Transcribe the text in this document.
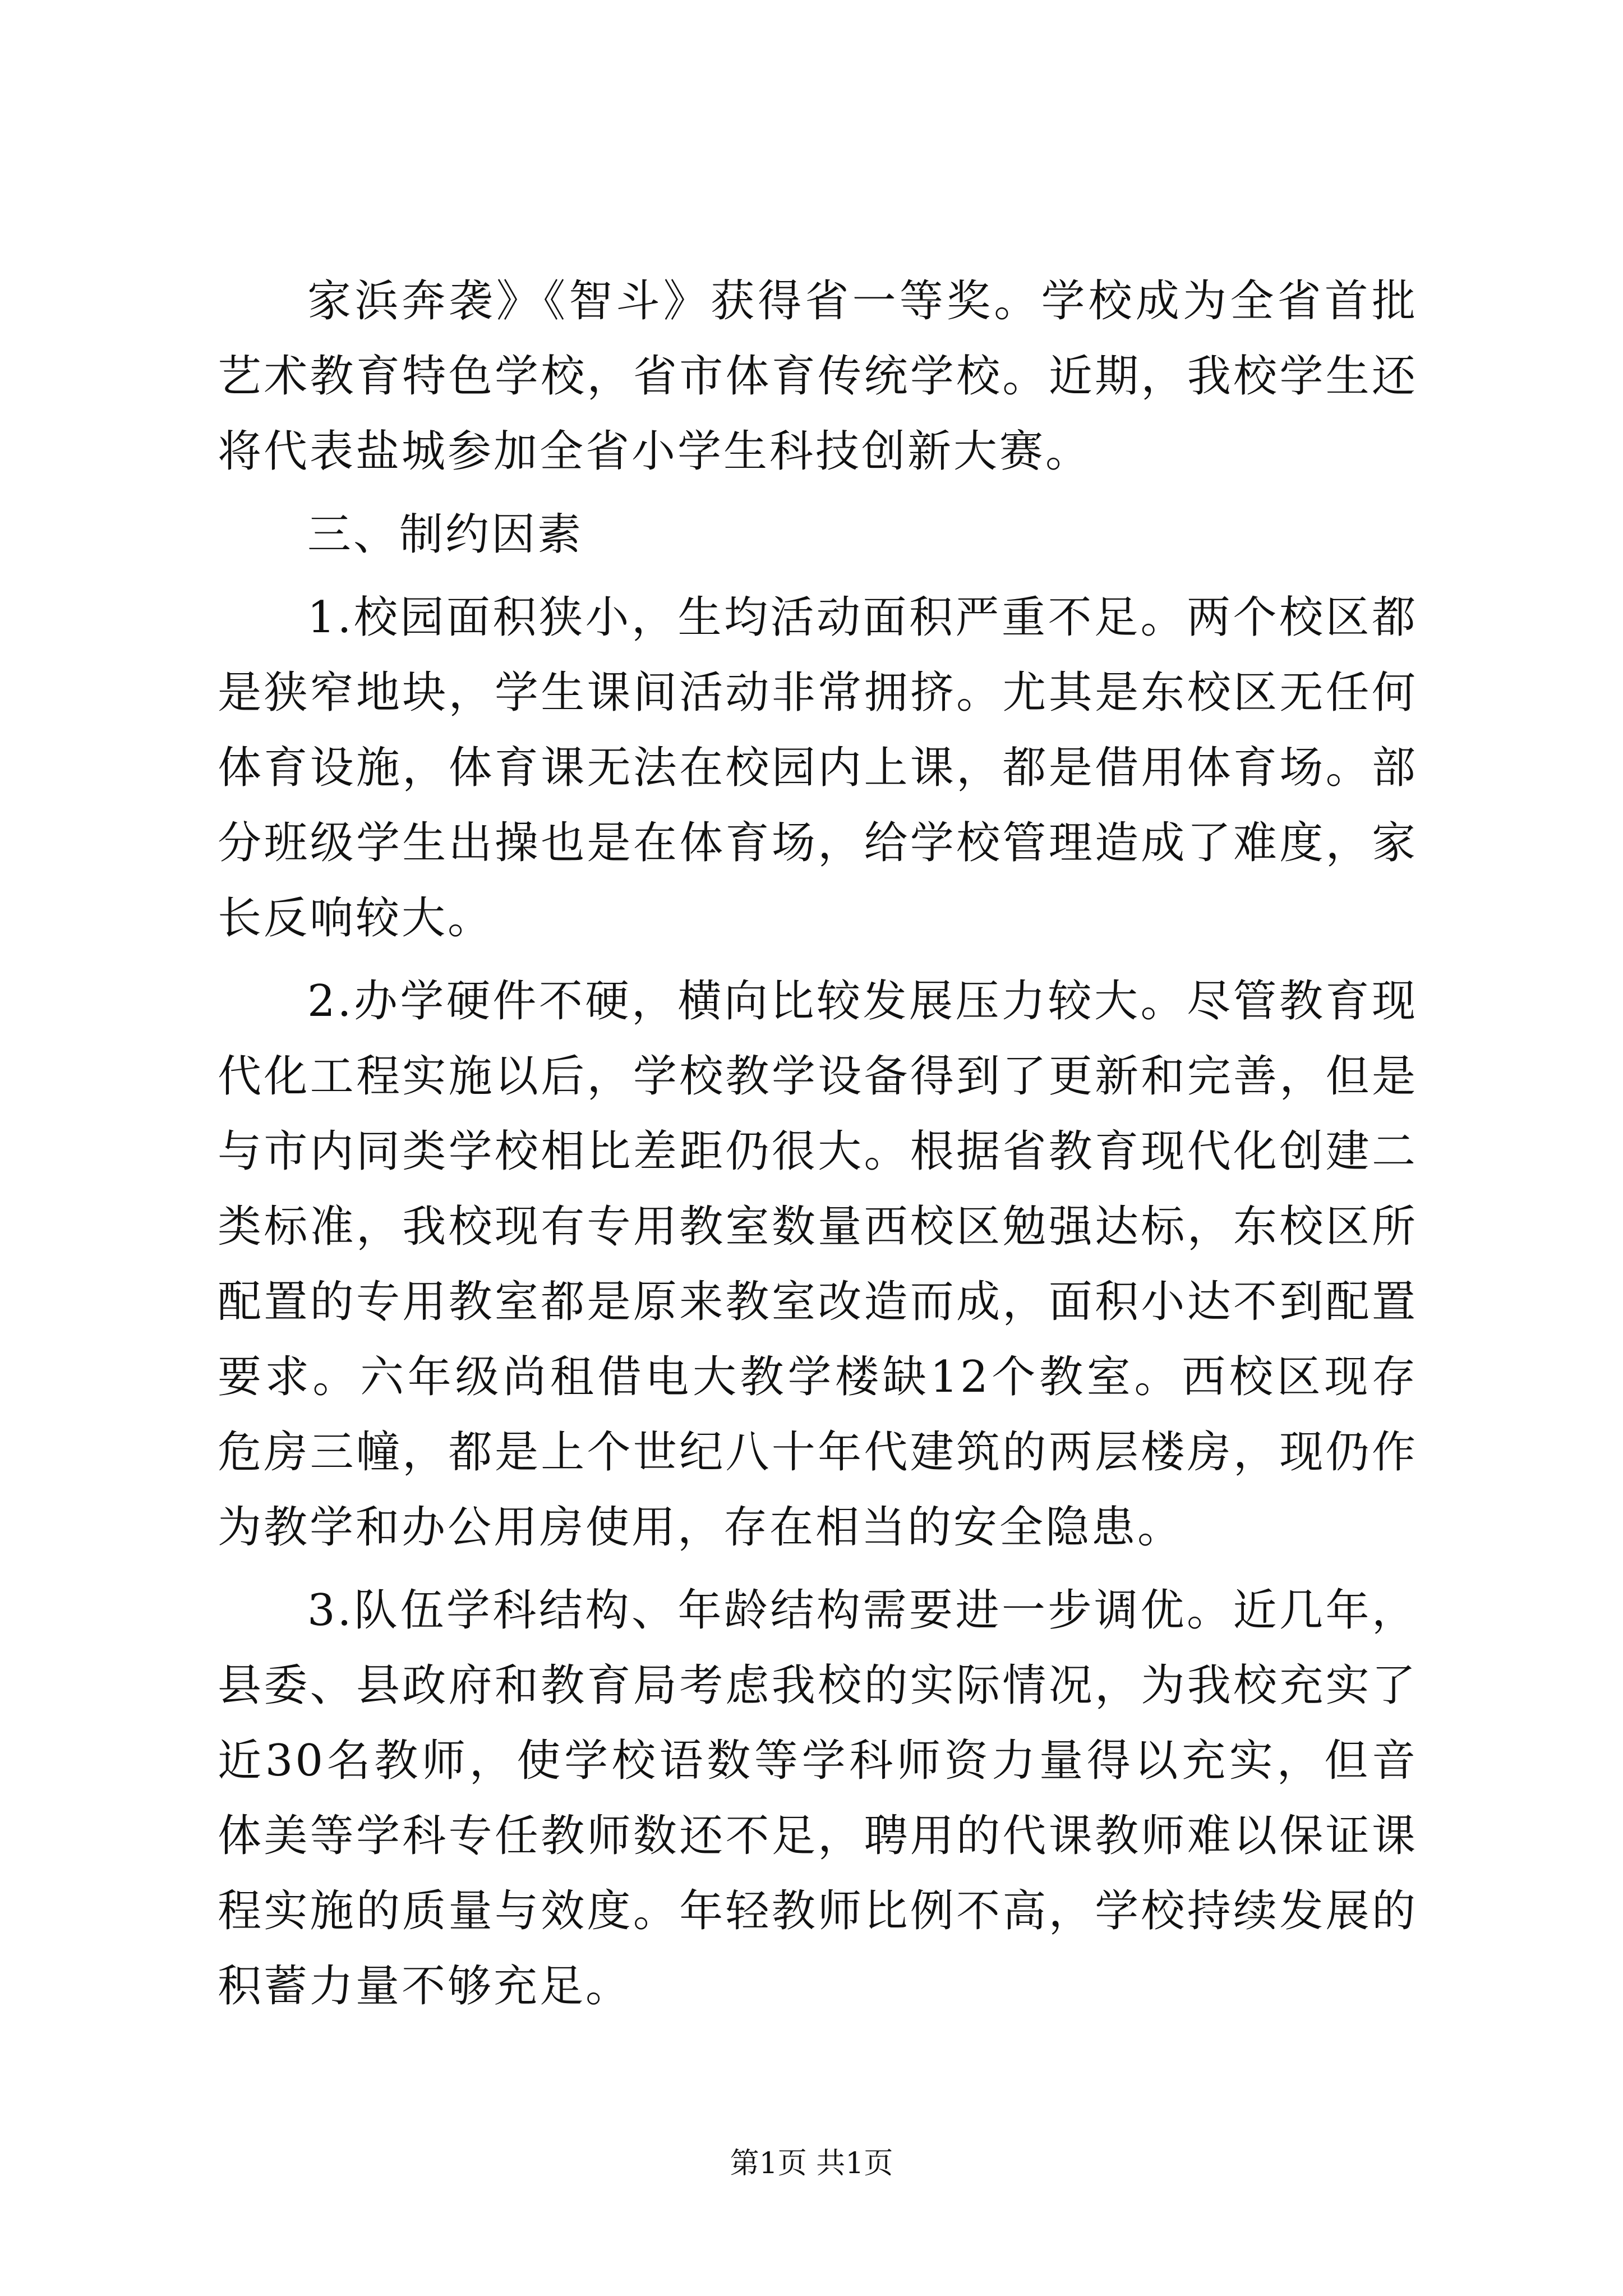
家浜奔袭》《智斗》获得省一等奖。学校成为全省首批艺术教育特色学校，省市体育传统学校。近期，我校学生还将代表盐城参加全省小学生科技创新大赛。

三、制约因素

1.校园面积狭小，生均活动面积严重不足。两个校区都是狭窄地块，学生课间活动非常拥挤。尤其是东校区无任何体育设施，体育课无法在校园内上课，都是借用体育场。部分班级学生出操也是在体育场，给学校管理造成了难度，家长反响较大。

2.办学硬件不硬，横向比较发展压力较大。尽管教育现代化工程实施以后，学校教学设备得到了更新和完善，但是与市内同类学校相比差距仍很大。根据省教育现代化创建二类标准，我校现有专用教室数量西校区勉强达标，东校区所配置的专用教室都是原来教室改造而成，面积小达不到配置要求。六年级尚租借电大教学楼缺12个教室。西校区现存危房三幢，都是上个世纪八十年代建筑的两层楼房，现仍作为教学和办公用房使用，存在相当的安全隐患。

3.队伍学科结构、年龄结构需要进一步调优。近几年，县委、县政府和教育局考虑我校的实际情况，为我校充实了近30名教师，使学校语数等学科师资力量得以充实，但音体美等学科专任教师数还不足，聘用的代课教师难以保证课程实施的质量与效度。年轻教师比例不高，学校持续发展的积蓄力量不够充足。

第1页 共1页
